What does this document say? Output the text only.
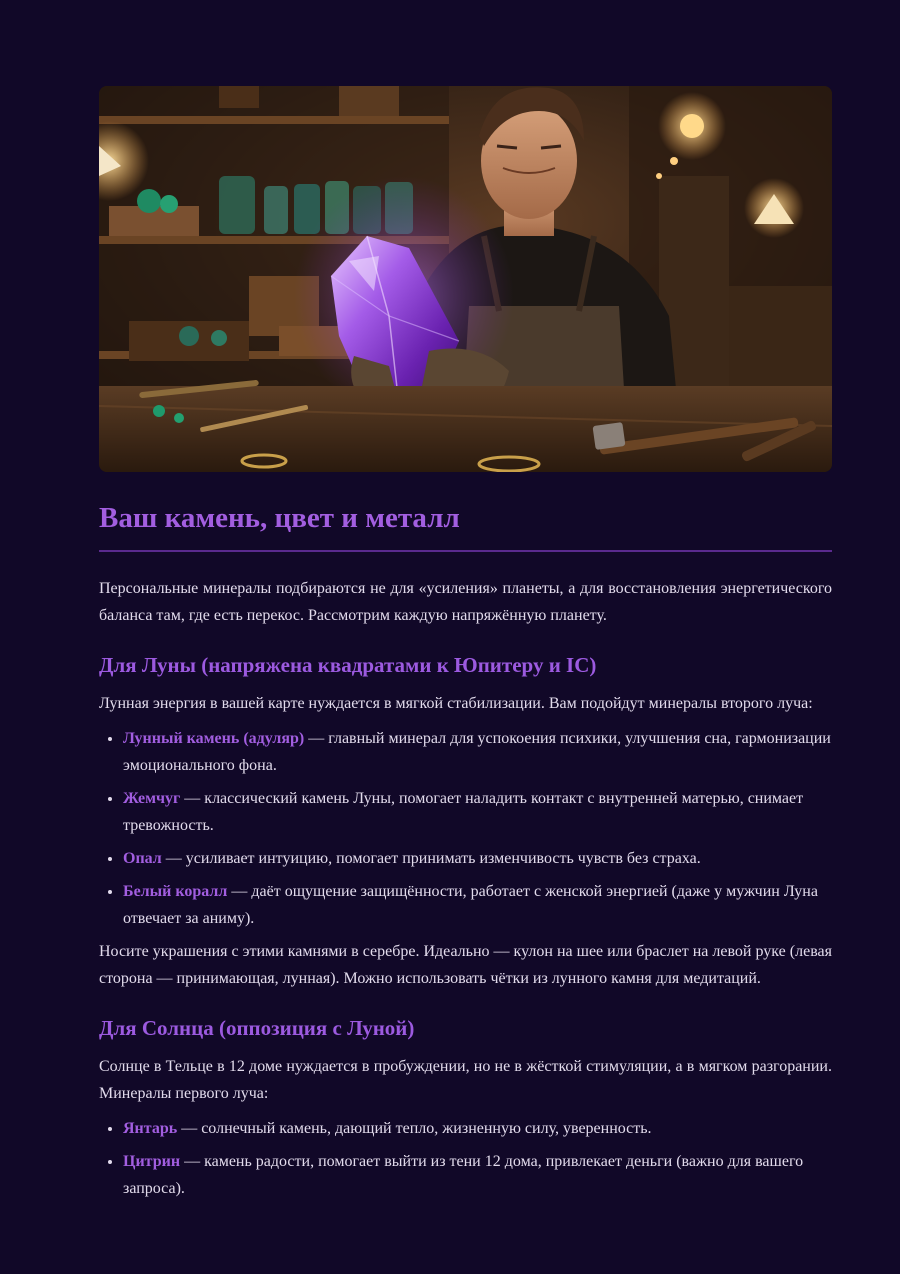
Ваш камень, цвет и металл

Персональные минералы подбираются не для «усиления» планеты, а для восстановления энергетического баланса там, где есть перекос. Рассмотрим каждую напряжённую планету.

Для Луны (напряжена квадратами к Юпитеру и IC)

Лунная энергия в вашей карте нуждается в мягкой стабилизации. Вам подойдут минералы второго луча:

• Лунный камень (адуляр) — главный минерал для успокоения психики, улучшения сна, гармонизации эмоционального фона.
• Жемчуг — классический камень Луны, помогает наладить контакт с внутренней матерью, снимает тревожность.
• Опал — усиливает интуицию, помогает принимать изменчивость чувств без страха.
• Белый коралл — даёт ощущение защищённости, работает с женской энергией (даже у мужчин Луна отвечает за аниму).

Носите украшения с этими камнями в серебре. Идеально — кулон на шее или браслет на левой руке (левая сторона — принимающая, лунная). Можно использовать чётки из лунного камня для медитаций.

Для Солнца (оппозиция с Луной)

Солнце в Тельце в 12 доме нуждается в пробуждении, но не в жёсткой стимуляции, а в мягком разгорании. Минералы первого луча:

• Янтарь — солнечный камень, дающий тепло, жизненную силу, уверенность.
• Цитрин — камень радости, помогает выйти из тени 12 дома, привлекает деньги (важно для вашего запроса).
